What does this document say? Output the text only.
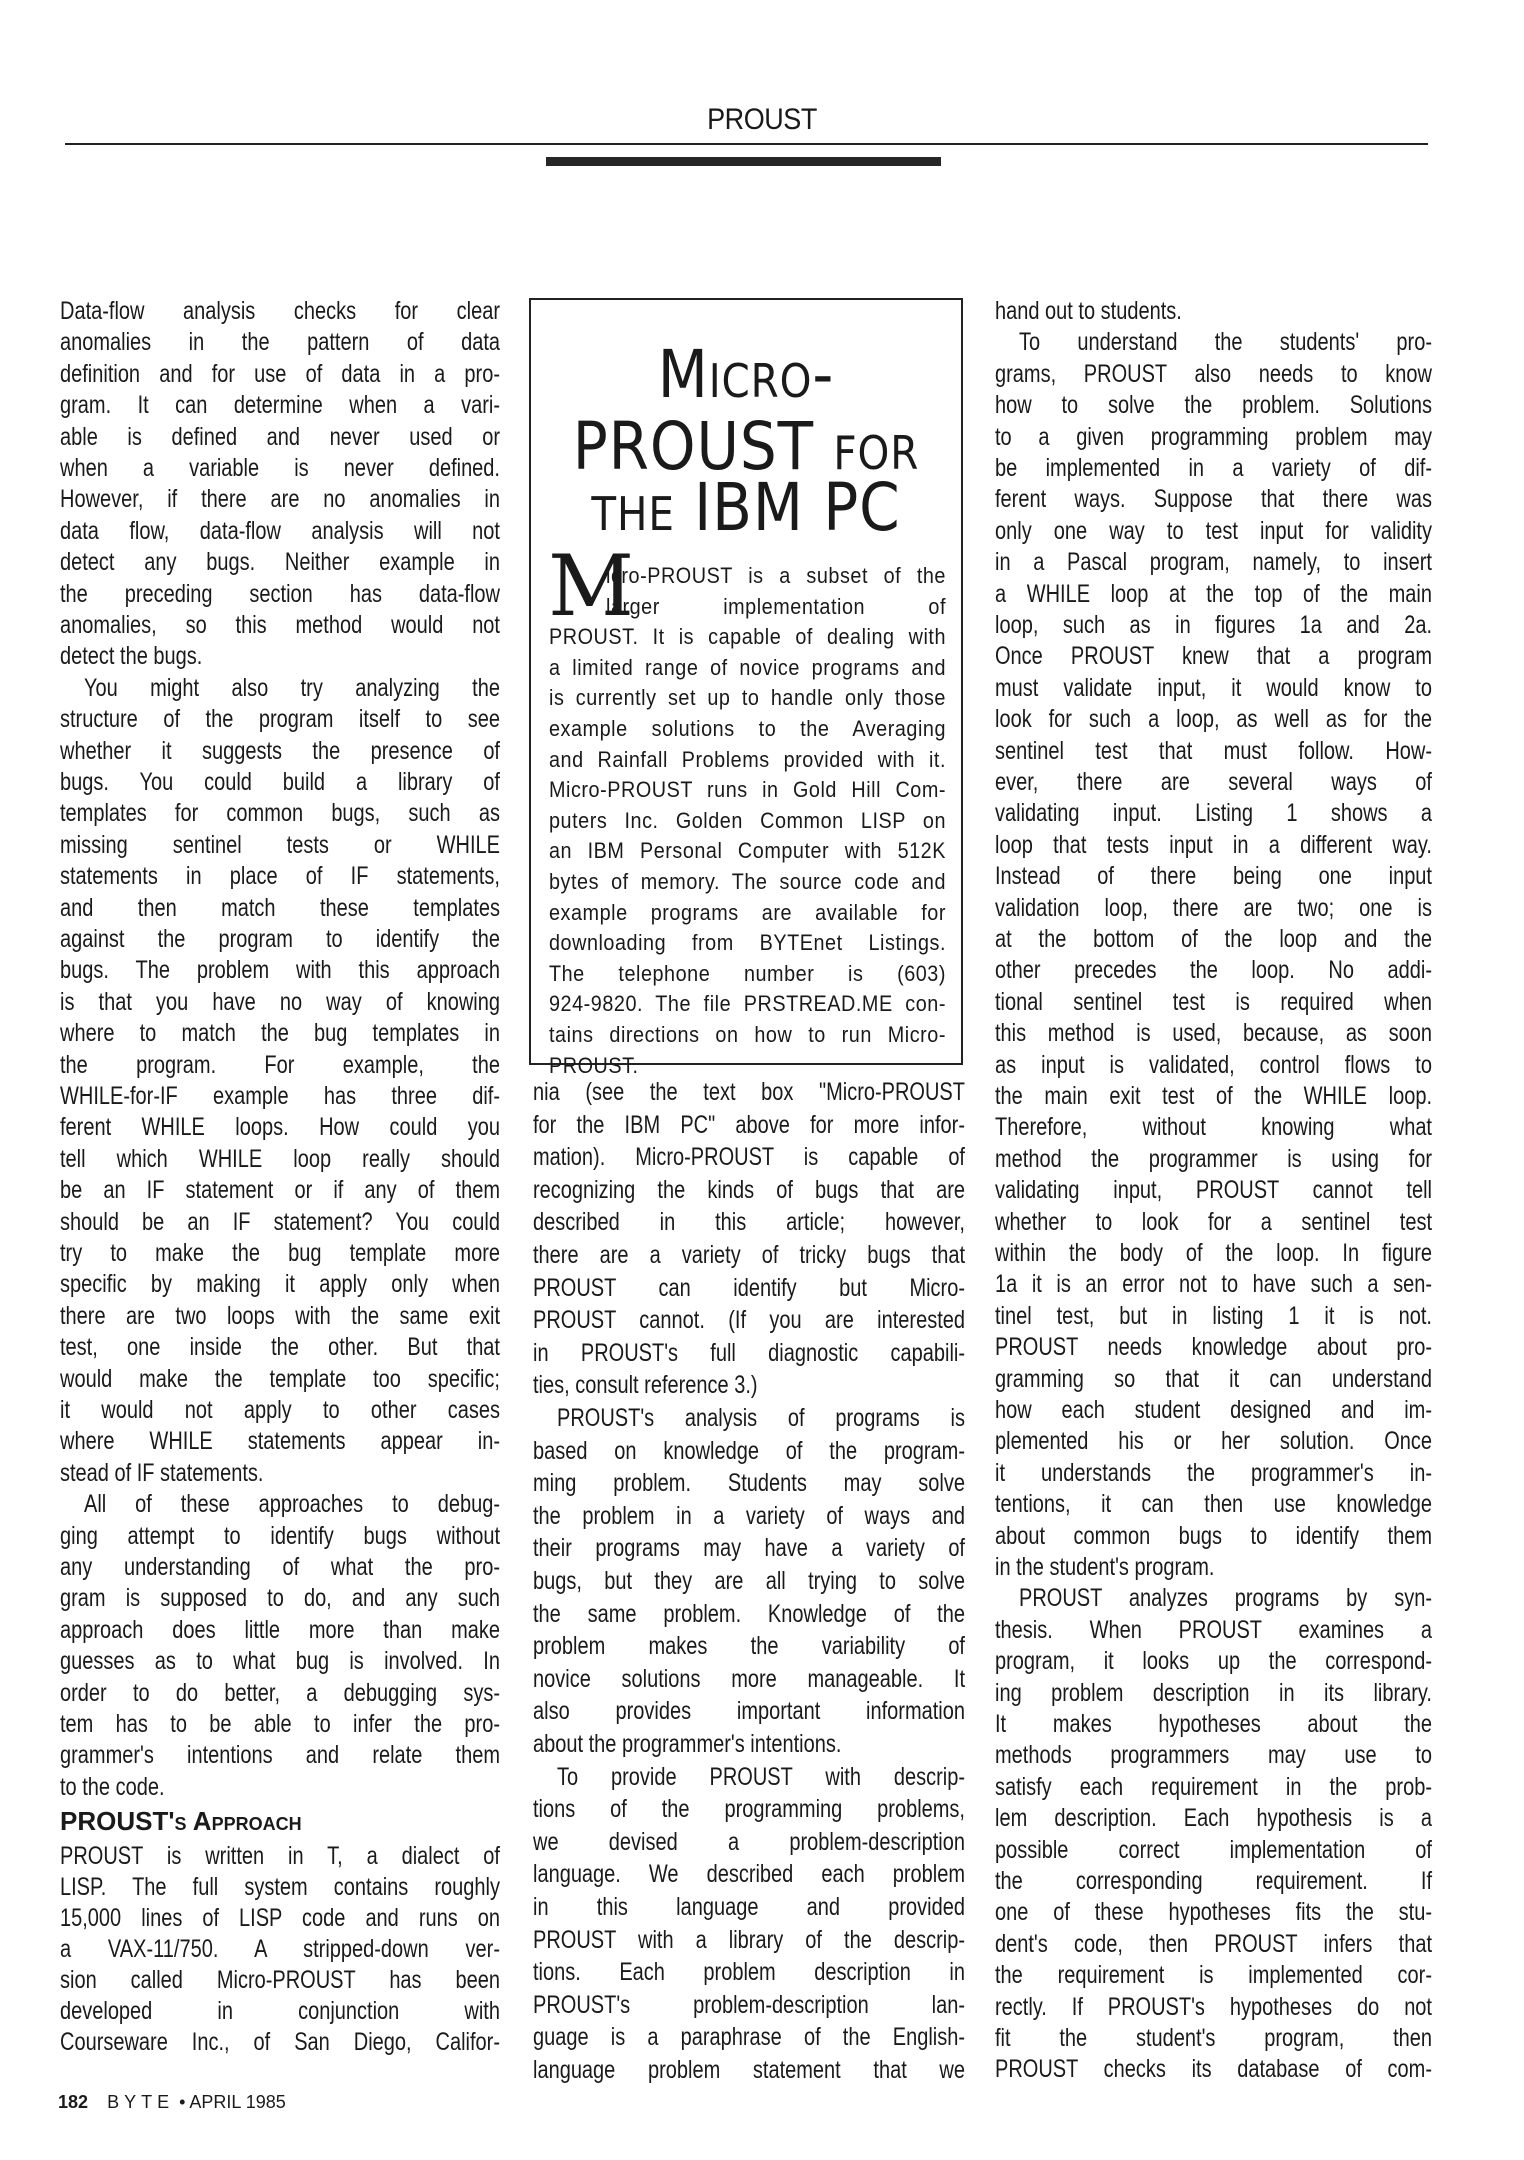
PROUST
Data-flow analysis checks for clear
anomalies in the pattern of data
definition and for use of data in a pro-
gram. It can determine when a vari-
able is defined and never used or
when a variable is never defined.
However, if there are no anomalies in
data flow, data-flow analysis will not
detect any bugs. Neither example in
the preceding section has data-flow
anomalies, so this method would not
detect the bugs.
You might also try analyzing the
structure of the program itself to see
whether it suggests the presence of
bugs. You could build a library of
templates for common bugs, such as
missing sentinel tests or WHILE
statements in place of IF statements,
and then match these templates
against the program to identify the
bugs. The problem with this approach
is that you have no way of knowing
where to match the bug templates in
the program. For example, the
WHILE-for-IF example has three dif-
ferent WHILE loops. How could you
tell which WHILE loop really should
be an IF statement or if any of them
should be an IF statement? You could
try to make the bug template more
specific by making it apply only when
there are two loops with the same exit
test, one inside the other. But that
would make the template too specific;
it would not apply to other cases
where WHILE statements appear in-
stead of IF statements.
All of these approaches to debug-
ging attempt to identify bugs without
any understanding of what the pro-
gram is supposed to do, and any such
approach does little more than make
guesses as to what bug is involved. In
order to do better, a debugging sys-
tem has to be able to infer the pro-
grammer's intentions and relate them
to the code.
PROUST's Approach
PROUST is written in T, a dialect of
LISP. The full system contains roughly
15,000 lines of LISP code and runs on
a VAX-11/750. A stripped-down ver-
sion called Micro-PROUST has been
developed in conjunction with
Courseware Inc., of San Diego, Califor-
Micro-
PROUST for
the IBM PC
M
icro-PROUST is a subset of the
larger implementation of
PROUST. It is capable of dealing with
a limited range of novice programs and
is currently set up to handle only those
example solutions to the Averaging
and Rainfall Problems provided with it.
Micro-PROUST runs in Gold Hill Com-
puters Inc. Golden Common LISP on
an IBM Personal Computer with 512K
bytes of memory. The source code and
example programs are available for
downloading from BYTEnet Listings.
The telephone number is (603)
924-9820. The file PRSTREAD.ME con-
tains directions on how to run Micro-
PROUST.
nia (see the text box "Micro-PROUST
for the IBM PC" above for more infor-
mation). Micro-PROUST is capable of
recognizing the kinds of bugs that are
described in this article; however,
there are a variety of tricky bugs that
PROUST can identify but Micro-
PROUST cannot. (If you are interested
in PROUST's full diagnostic capabili-
ties, consult reference 3.)
PROUST's analysis of programs is
based on knowledge of the program-
ming problem. Students may solve
the problem in a variety of ways and
their programs may have a variety of
bugs, but they are all trying to solve
the same problem. Knowledge of the
problem makes the variability of
novice solutions more manageable. It
also provides important information
about the programmer's intentions.
To provide PROUST with descrip-
tions of the programming problems,
we devised a problem-description
language. We described each problem
in this language and provided
PROUST with a library of the descrip-
tions. Each problem description in
PROUST's problem-description lan-
guage is a paraphrase of the English-
language problem statement that we
hand out to students.
To understand the students' pro-
grams, PROUST also needs to know
how to solve the problem. Solutions
to a given programming problem may
be implemented in a variety of dif-
ferent ways. Suppose that there was
only one way to test input for validity
in a Pascal program, namely, to insert
a WHILE loop at the top of the main
loop, such as in figures 1a and 2a.
Once PROUST knew that a program
must validate input, it would know to
look for such a loop, as well as for the
sentinel test that must follow. How-
ever, there are several ways of
validating input. Listing 1 shows a
loop that tests input in a different way.
Instead of there being one input
validation loop, there are two; one is
at the bottom of the loop and the
other precedes the loop. No addi-
tional sentinel test is required when
this method is used, because, as soon
as input is validated, control flows to
the main exit test of the WHILE loop.
Therefore, without knowing what
method the programmer is using for
validating input, PROUST cannot tell
whether to look for a sentinel test
within the body of the loop. In figure
1a it is an error not to have such a sen-
tinel test, but in listing 1 it is not.
PROUST needs knowledge about pro-
gramming so that it can understand
how each student designed and im-
plemented his or her solution. Once
it understands the programmer's in-
tentions, it can then use knowledge
about common bugs to identify them
in the student's program.
PROUST analyzes programs by syn-
thesis. When PROUST examines a
program, it looks up the correspond-
ing problem description in its library.
It makes hypotheses about the
methods programmers may use to
satisfy each requirement in the prob-
lem description. Each hypothesis is a
possible correct implementation of
the corresponding requirement. If
one of these hypotheses fits the stu-
dent's code, then PROUST infers that
the requirement is implemented cor-
rectly. If PROUST's hypotheses do not
fit the student's program, then
PROUST checks its database of com-
182 BYTE • APRIL 1985
